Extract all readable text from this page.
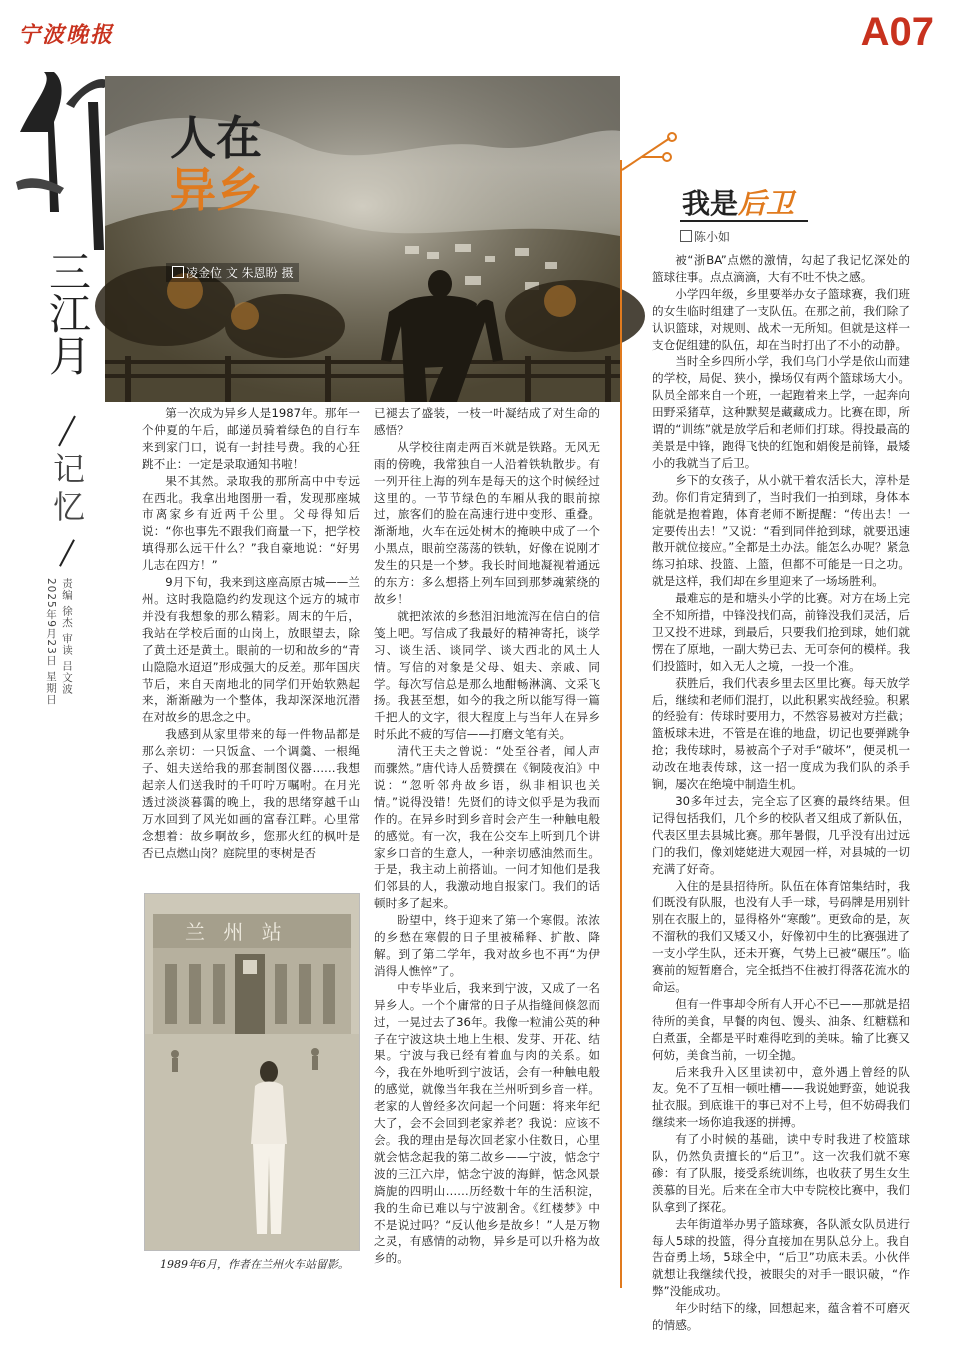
宁波晚报	A07
三江月
记忆
责编 徐杰 审读 吕文波
2025年9月23日 星期日
人在
异乡
凌金位 文 朱恩盼 摄

第一次成为异乡人是1987年。那年一个仲夏的午后，邮递员骑着绿色的自行车来到家门口，说有一封挂号费。我的心狂跳不止：一定是录取通知书啦！

果不其然。录取我的那所高中中专远在西北。我拿出地图册一看，发现那座城市离家乡有近两千公里。父母得知后说：“你也事先不跟我们商量一下，把学校填得那么远干什么？”我自豪地说：“好男儿志在四方！”

9月下旬，我来到这座高原古城——兰州。这时我隐隐约约发现这个远方的城市并没有我想象的那么精彩。周末的午后，我站在学校后面的山岗上，放眼望去，除了黄土还是黄土。眼前的一切和故乡的“青山隐隐水迢迢”形成强大的反差。那年国庆节后，来自天南地北的同学们开始软熟起来，渐渐融为一个整体，我却深深地沉潜在对故乡的思念之中。

我感到从家里带来的每一件物品都是那么亲切：一只饭盒、一个调羹、一根绳子、姐夫送给我的那套制图仪器……我想起亲人们送我时的千叮咛万嘱咐。在月光透过淡淡暮霭的晚上，我的思绪穿越千山万水回到了风光如画的富春江畔。心里常念想着：故乡啊故乡，您那火红的枫叶是否已点燃山岗？庭院里的枣树是否

已褪去了盛装，一枝一叶凝结成了对生命的感悟？

从学校往南走两百米就是铁路。无风无雨的傍晚，我常独自一人沿着铁轨散步。有一列开往上海的列车是每天的这个时候经过这里的。一节节绿色的车厢从我的眼前掠过，旅客们的脸在高速行进中变形、重叠。渐渐地，火车在远处树木的掩映中成了一个小黑点，眼前空荡荡的铁轨，好像在说刚才发生的只是一个梦。我长时间地凝视着通远的东方：多么想搭上列车回到那梦魂萦绕的故乡！

就把浓浓的乡愁泪汩地流泻在信白的信笺上吧。写信成了我最好的精神寄托，谈学习、谈生活、谈同学、谈大西北的风土人情。写信的对象是父母、姐夫、亲戚、同学。每次写信总是那么地酣畅淋漓、文采飞扬。我甚至想，如今的我之所以能写得一篇千把人的文字，很大程度上与当年人在异乡时乐此不疲的写信——打磨文笔有关。

清代王夫之曾说：“处至谷者，闻人声而骤然。”唐代诗人岳赞撰在《铜陵夜泊》中说：“忽听邻舟故乡语，纵非相识也关情。”说得没错！先贤们的诗文似乎是为我而作的。在异乡时到乡音时会产生一种触电般的感觉。有一次，我在公交车上听到几个讲家乡口音的生意人，一种亲切感油然而生。于是，我主动上前搭讪。一问才知他们是我们邻县的人，我激动地自报家门。我们的话顿时多了起来。

盼望中，终于迎来了第一个寒假。浓浓的乡愁在寒假的日子里被稀释、扩散、降解。到了第二学年，我对故乡也不再“为伊消得人憔悴”了。

中专毕业后，我来到宁波，又成了一名异乡人。一个个庸常的日子从指缝间倏忽而过，一晃过去了36年。我像一粒浦公英的种子在宁波这块土地上生根、发芽、开花、结果。宁波与我已经有着血与肉的关系。如今，我在外地听到宁波话，会有一种触电般的感觉，就像当年我在兰州听到乡音一样。老家的人曾经多次问起一个问题：将来年纪大了，会不会回到老家养老？我说：应该不会。我的理由是每次回老家小住数日，心里就会惦念起我的第二故乡——宁波，惦念宁波的三江六岸，惦念宁波的海鲜，惦念风景旖旎的四明山……历经数十年的生活积淀，我的生命已难以与宁波割舍。《红楼梦》中不是说过吗？“反认他乡是故乡！”人是万物之灵，有感情的动物，异乡是可以升格为故乡的。

兰 州 站
1989年6月，作者在兰州火车站留影。
我是后卫
陈小如

被“浙BA”点燃的激情，勾起了我记忆深处的篮球往事。点点滴滴，大有不吐不快之感。

小学四年级，乡里要举办女子篮球赛，我们班的女生临时组建了一支队伍。在那之前，我们除了认识篮球，对规则、战术一无所知。但就是这样一支仓促组建的队伍，却在当时打出了不小的动静。

当时全乡四所小学，我们乌门小学是依山而建的学校，局促、狭小，操场仅有两个篮球场大小。队员全部来自一个班，一起跑着来上学，一起奔向田野采猪草，这种默契是藏藏成力。比赛在即，所谓的“训练”就是放学后和老师们打球。得投最高的美景是中锋，跑得飞快的红饱和娟俊是前锋，最矮小的我就当了后卫。

乡下的女孩子，从小就干着农活长大，淳朴是劲。你们肯定猜到了，当时我们一拍到球，身体本能就是抱着跑，体育老师不断提醒：“传出去！一定要传出去！”又说：“看到同伴抢到球，就要迅速散开就位接应。”全都是土办法。能怎么办呢？紧急练习拍球、投篮、上篮，但都不可能是一日之功。就是这样，我们却在乡里迎来了一场场胜利。

最难忘的是和塘头小学的比赛。对方在场上完全不知所措，中锋没找们高，前锋没我们灵活，后卫又投不进球，到最后，只要我们抢到球，她们就愣在了原地，一副大势已去、无可奈何的模样。我们投篮时，如入无人之境，一投一个准。

获胜后，我们代表乡里去区里比赛。每天放学后，继续和老师们混打，以此积累实战经验。积累的经验有：传球时要用力，不然容易被对方拦截；篮板球未进，不管是在谁的地盘，切记也要弹跳争抢；我传球时，易被高个子对手“破坏”，便灵机一动改在地表传球，这一招一度成为我们队的杀手锏，屡次在绝境中制造生机。

30多年过去，完全忘了区赛的最终结果。但记得包括我们，几个乡的校队者又组成了新队伍，代表区里去县城比赛。那年暑假，几乎没有出过远门的我们，像刘姥姥进大观园一样，对县城的一切充满了好奇。

入住的是县招待所。队伍在体育馆集结时，我们既没有队服，也没有人手一球，号码牌是用别针别在衣服上的，显得格外“寒酸”。更致命的是，灰不溜秋的我们又矮又小，好像初中生的比赛强进了一支小学生队，还未开赛，气势上已被“碾压”。临赛前的短暂磨合，完全抵挡不住被打得落花流水的命运。

但有一件事却令所有人开心不已——那就是招待所的美食，早餐的肉包、馒头、油条、红糖糕和白煮蛋，全都是平时难得吃到的美味。输了比赛又何妨，美食当前，一切全抛。

后来我升入区里读初中，意外遇上曾经的队友。免不了互相一顿吐槽——我说她野蛮，她说我扯衣服。到底谁干的事已对不上号，但不妨碍我们继续来一场你追我逐的拼搏。

有了小时候的基础，读中专时我进了校篮球队，仍然负责擅长的“后卫”。这一次我们就不寒碜：有了队服，接受系统训练，也收获了男生女生羡慕的目光。后来在全市大中专院校比赛中，我们队拿到了探花。

去年街道举办男子篮球赛，各队派女队员进行每人5球的投篮，得分直接加在男队总分上。我自告奋勇上场，5球全中，“后卫”功底未丢。小伙伴就想让我继续代投，被眼尖的对手一眼识破，“作弊”没能成功。

年少时结下的缘，回想起来，蕴含着不可磨灭的情感。
